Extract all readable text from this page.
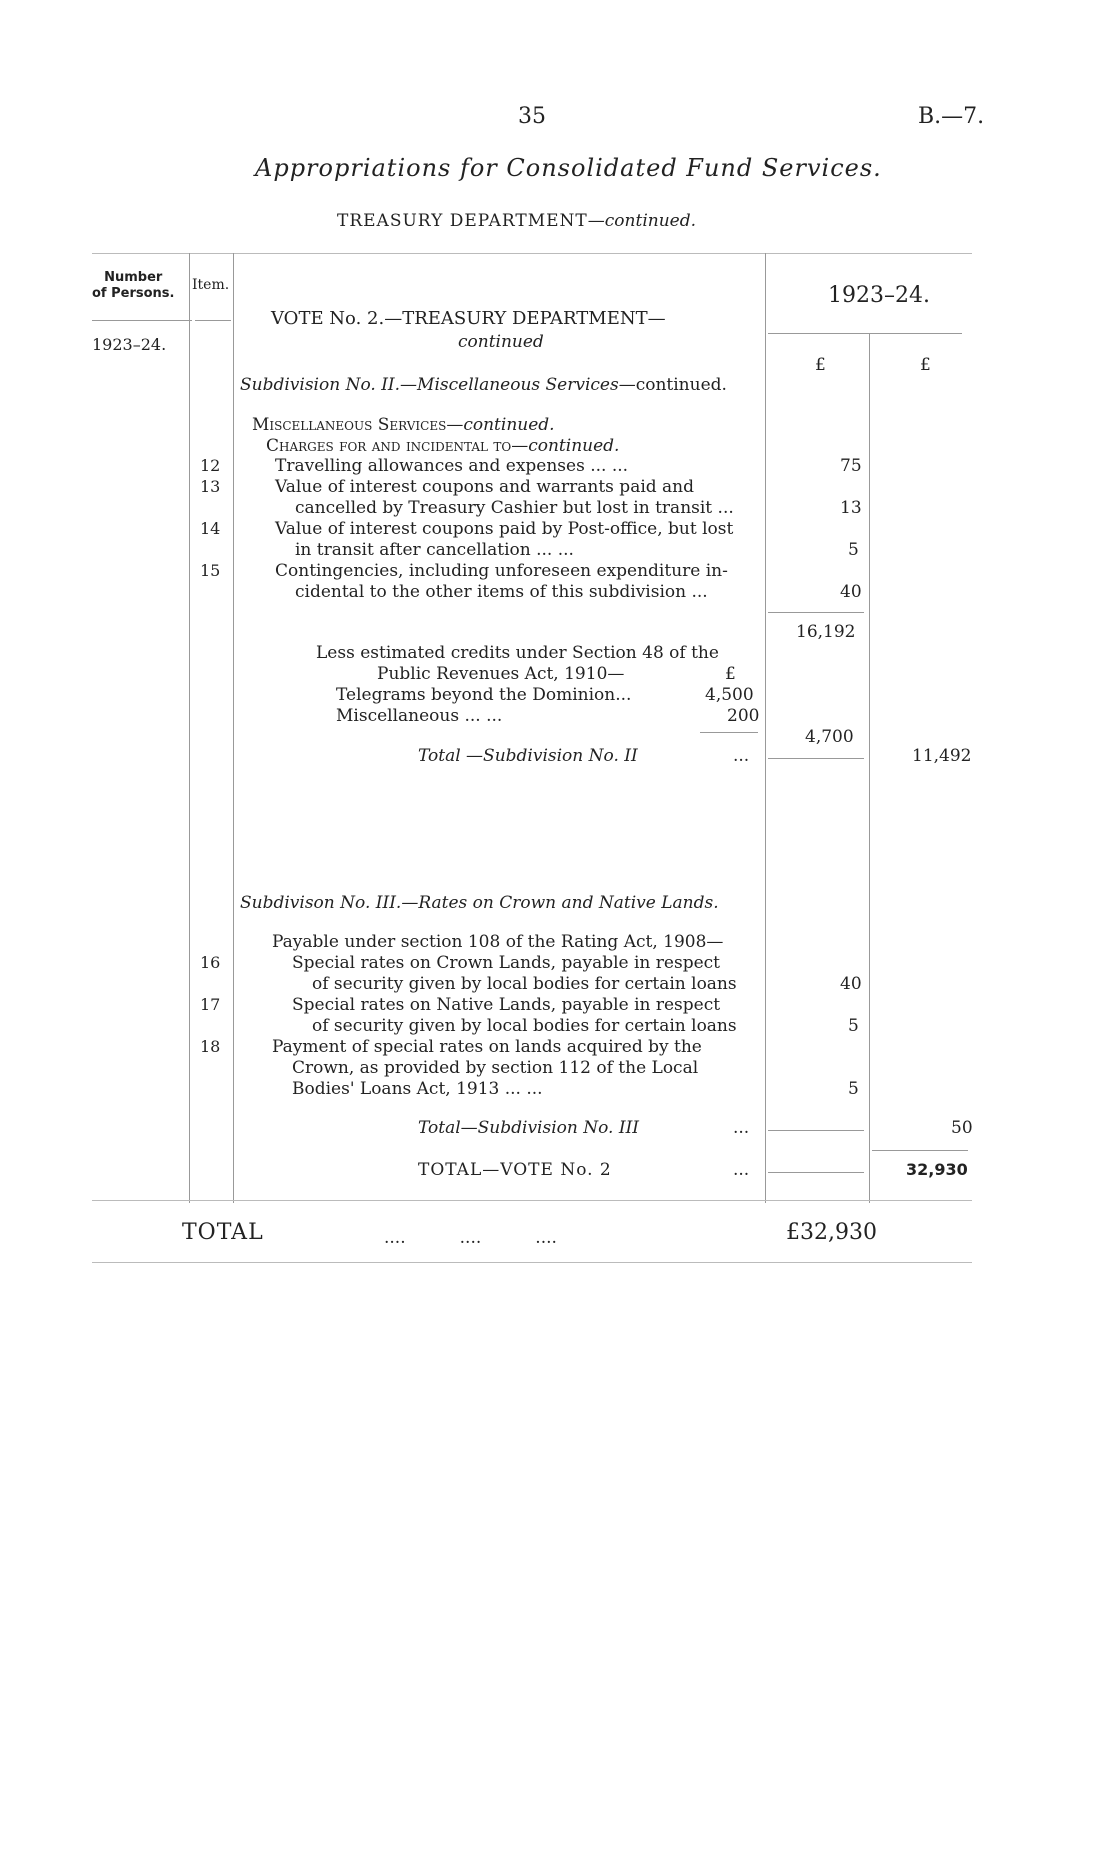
35	B.—7.
Appropriations for Consolidated Fund Services.
TREASURY DEPARTMENT—continued.
Number
of Persons.
Item.
1923–24.
1923–24.
£	£
VOTE No. 2.—TREASURY DEPARTMENT—
continued
Subdivision No. II.—Miscellaneous Services—continued.
Miscellaneous Services—continued.
Charges for and incidental to—continued.
12	Travelling allowances and expenses ... ...	75
13	Value of interest coupons and warrants paid and
cancelled by Treasury Cashier but lost in transit ...	13
14	Value of interest coupons paid by Post-office, but lost
in transit after cancellation ... ...	5
15	Contingencies, including unforeseen expenditure in-
cidental to the other items of this subdivision ...	40
16,192
Less estimated credits under Section 48 of the
Public Revenues Act, 1910—	£
Telegrams beyond the Dominion...	4,500
Miscellaneous ... ...	200
4,700
Total —Subdivision No. II	...	11,492
Subdivison No. III.—Rates on Crown and Native Lands.
Payable under section 108 of the Rating Act, 1908—
16	Special rates on Crown Lands, payable in respect
of security given by local bodies for certain loans	40
17	Special rates on Native Lands, payable in respect
of security given by local bodies for certain loans	5
18	Payment of special rates on lands acquired by the
Crown, as provided by section 112 of the Local
Bodies' Loans Act, 1913 ... ...	5
Total—Subdivision No. III	...	50
TOTAL—VOTE No. 2	...	32,930
TOTAL	....          ....          ....	£32,930
